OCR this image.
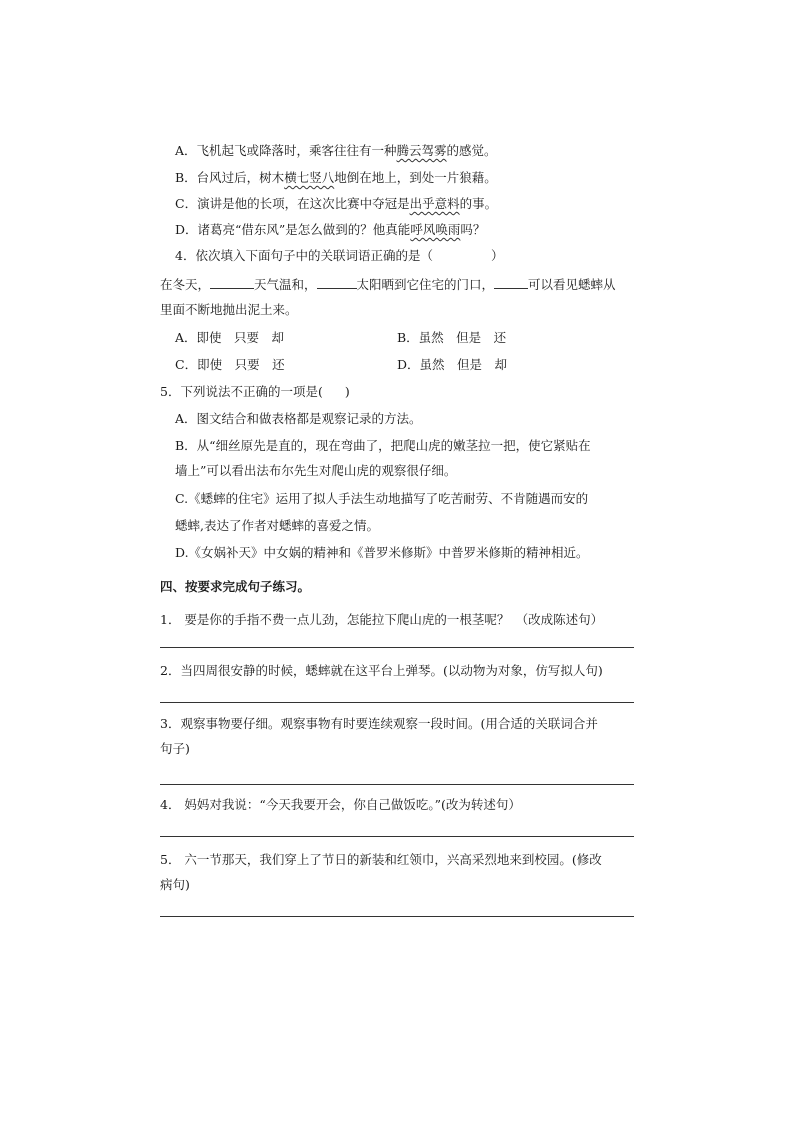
A．飞机起飞或降落时，乘客往往有一种腾云驾雾的感觉。
B．台风过后，树木横七竖八地倒在地上，到处一片狼藉。
C．演讲是他的长项，在这次比赛中夺冠是出乎意料的事。
D．诸葛亮“借东风”是怎么做到的？他真能呼风唤雨吗？
4．依次填入下面句子中的关联词语正确的是（	）
在冬天，	天气温和，	太阳晒到它住宅的门口，	可以看见蟋蟀从
里面不断地抛出泥土来。
A．即使　只要　却	B．虽然　但是　还
C．即使　只要　还	D．虽然　但是　却
5．下列说法不正确的一项是( )
A．图文结合和做表格都是观察记录的方法。
B．从“细丝原先是直的，现在弯曲了，把爬山虎的嫩茎拉一把，使它紧贴在
墙上”可以看出法布尔先生对爬山虎的观察很仔细。
C.《蟋蟀的住宅》运用了拟人手法生动地描写了吃苦耐劳、不肯随遇而安的
蟋蟀,表达了作者对蟋蟀的喜爱之情。
D.《女娲补天》中女娲的精神和《普罗米修斯》中普罗米修斯的精神相近。
四、按要求完成句子练习。
1． 要是你的手指不费一点儿劲，怎能拉下爬山虎的一根茎呢？　（改成陈述句）
2．当四周很安静的时候，蟋蟀就在这平台上弹琴。(以动物为对象，仿写拟人句)
3．观察事物要仔细。观察事物有时要连续观察一段时间。(用合适的关联词合并
句子)
4． 妈妈对我说：“今天我要开会，你自己做饭吃。”(改为转述句）
5． 六一节那天，我们穿上了节日的新装和红领巾，兴高采烈地来到校园。(修改
病句)
